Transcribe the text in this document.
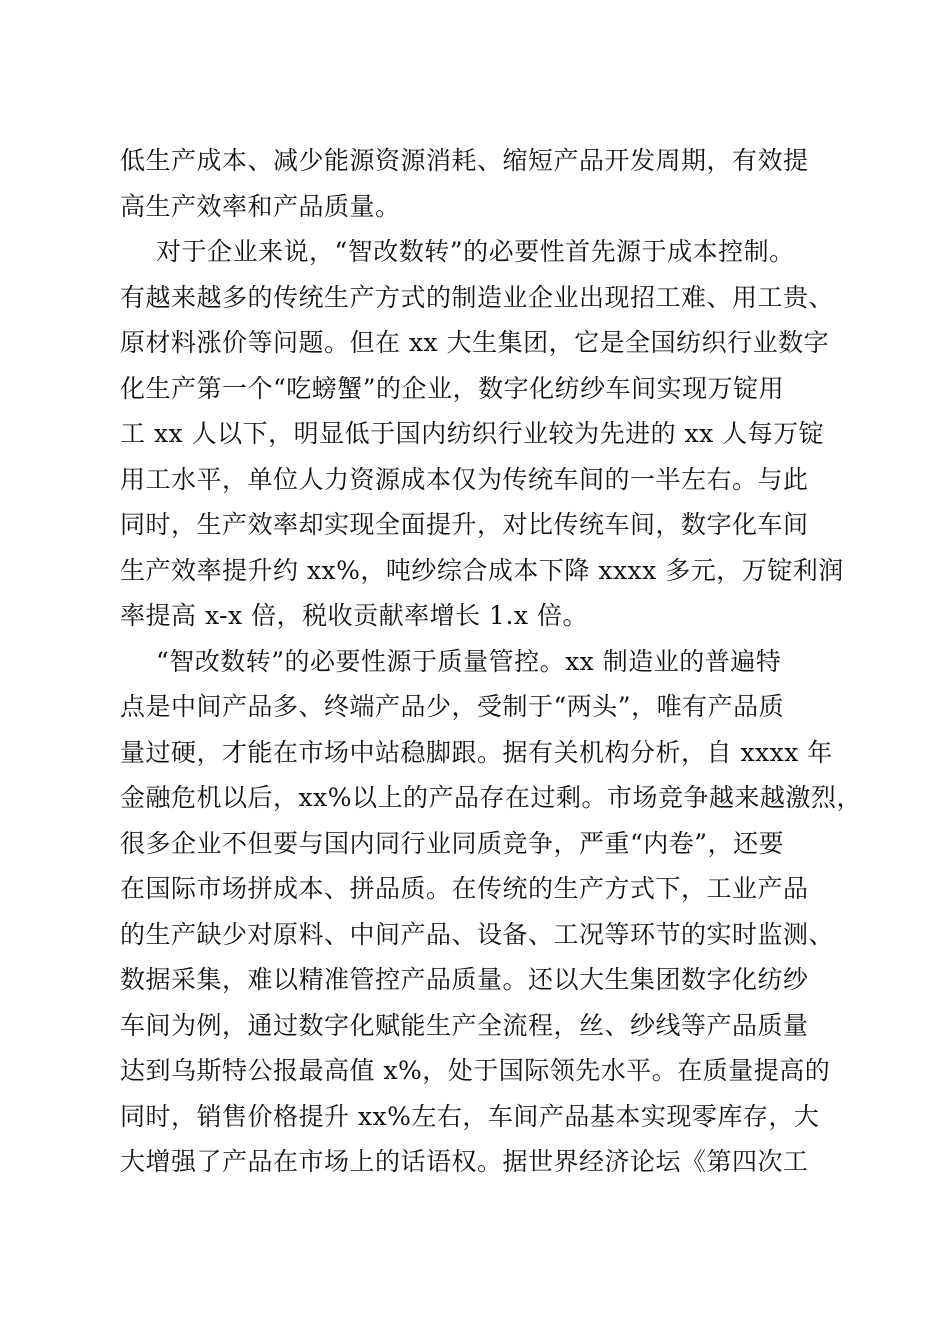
低生产成本、减少能源资源消耗、缩短产品开发周期，有效提
高生产效率和产品质量。
对于企业来说，“智改数转”的必要性首先源于成本控制。
有越来越多的传统生产方式的制造业企业出现招工难、用工贵、
原材料涨价等问题。但在 xx 大生集团，它是全国纺织行业数字
化生产第一个“吃螃蟹”的企业，数字化纺纱车间实现万锭用
工 xx 人以下，明显低于国内纺织行业较为先进的 xx 人每万锭
用工水平，单位人力资源成本仅为传统车间的一半左右。与此
同时，生产效率却实现全面提升，对比传统车间，数字化车间
生产效率提升约 xx%，吨纱综合成本下降 xxxx 多元，万锭利润
率提高 x-x 倍，税收贡献率增长 1.x 倍。
“智改数转”的必要性源于质量管控。xx 制造业的普遍特
点是中间产品多、终端产品少，受制于“两头”，唯有产品质
量过硬，才能在市场中站稳脚跟。据有关机构分析，自 xxxx 年
金融危机以后，xx%以上的产品存在过剩。市场竞争越来越激烈，
很多企业不但要与国内同行业同质竞争，严重“内卷”，还要
在国际市场拼成本、拼品质。在传统的生产方式下，工业产品
的生产缺少对原料、中间产品、设备、工况等环节的实时监测、
数据采集，难以精准管控产品质量。还以大生集团数字化纺纱
车间为例，通过数字化赋能生产全流程，丝、纱线等产品质量
达到乌斯特公报最高值 x%，处于国际领先水平。在质量提高的
同时，销售价格提升 xx%左右，车间产品基本实现零库存，大
大增强了产品在市场上的话语权。据世界经济论坛《第四次工
